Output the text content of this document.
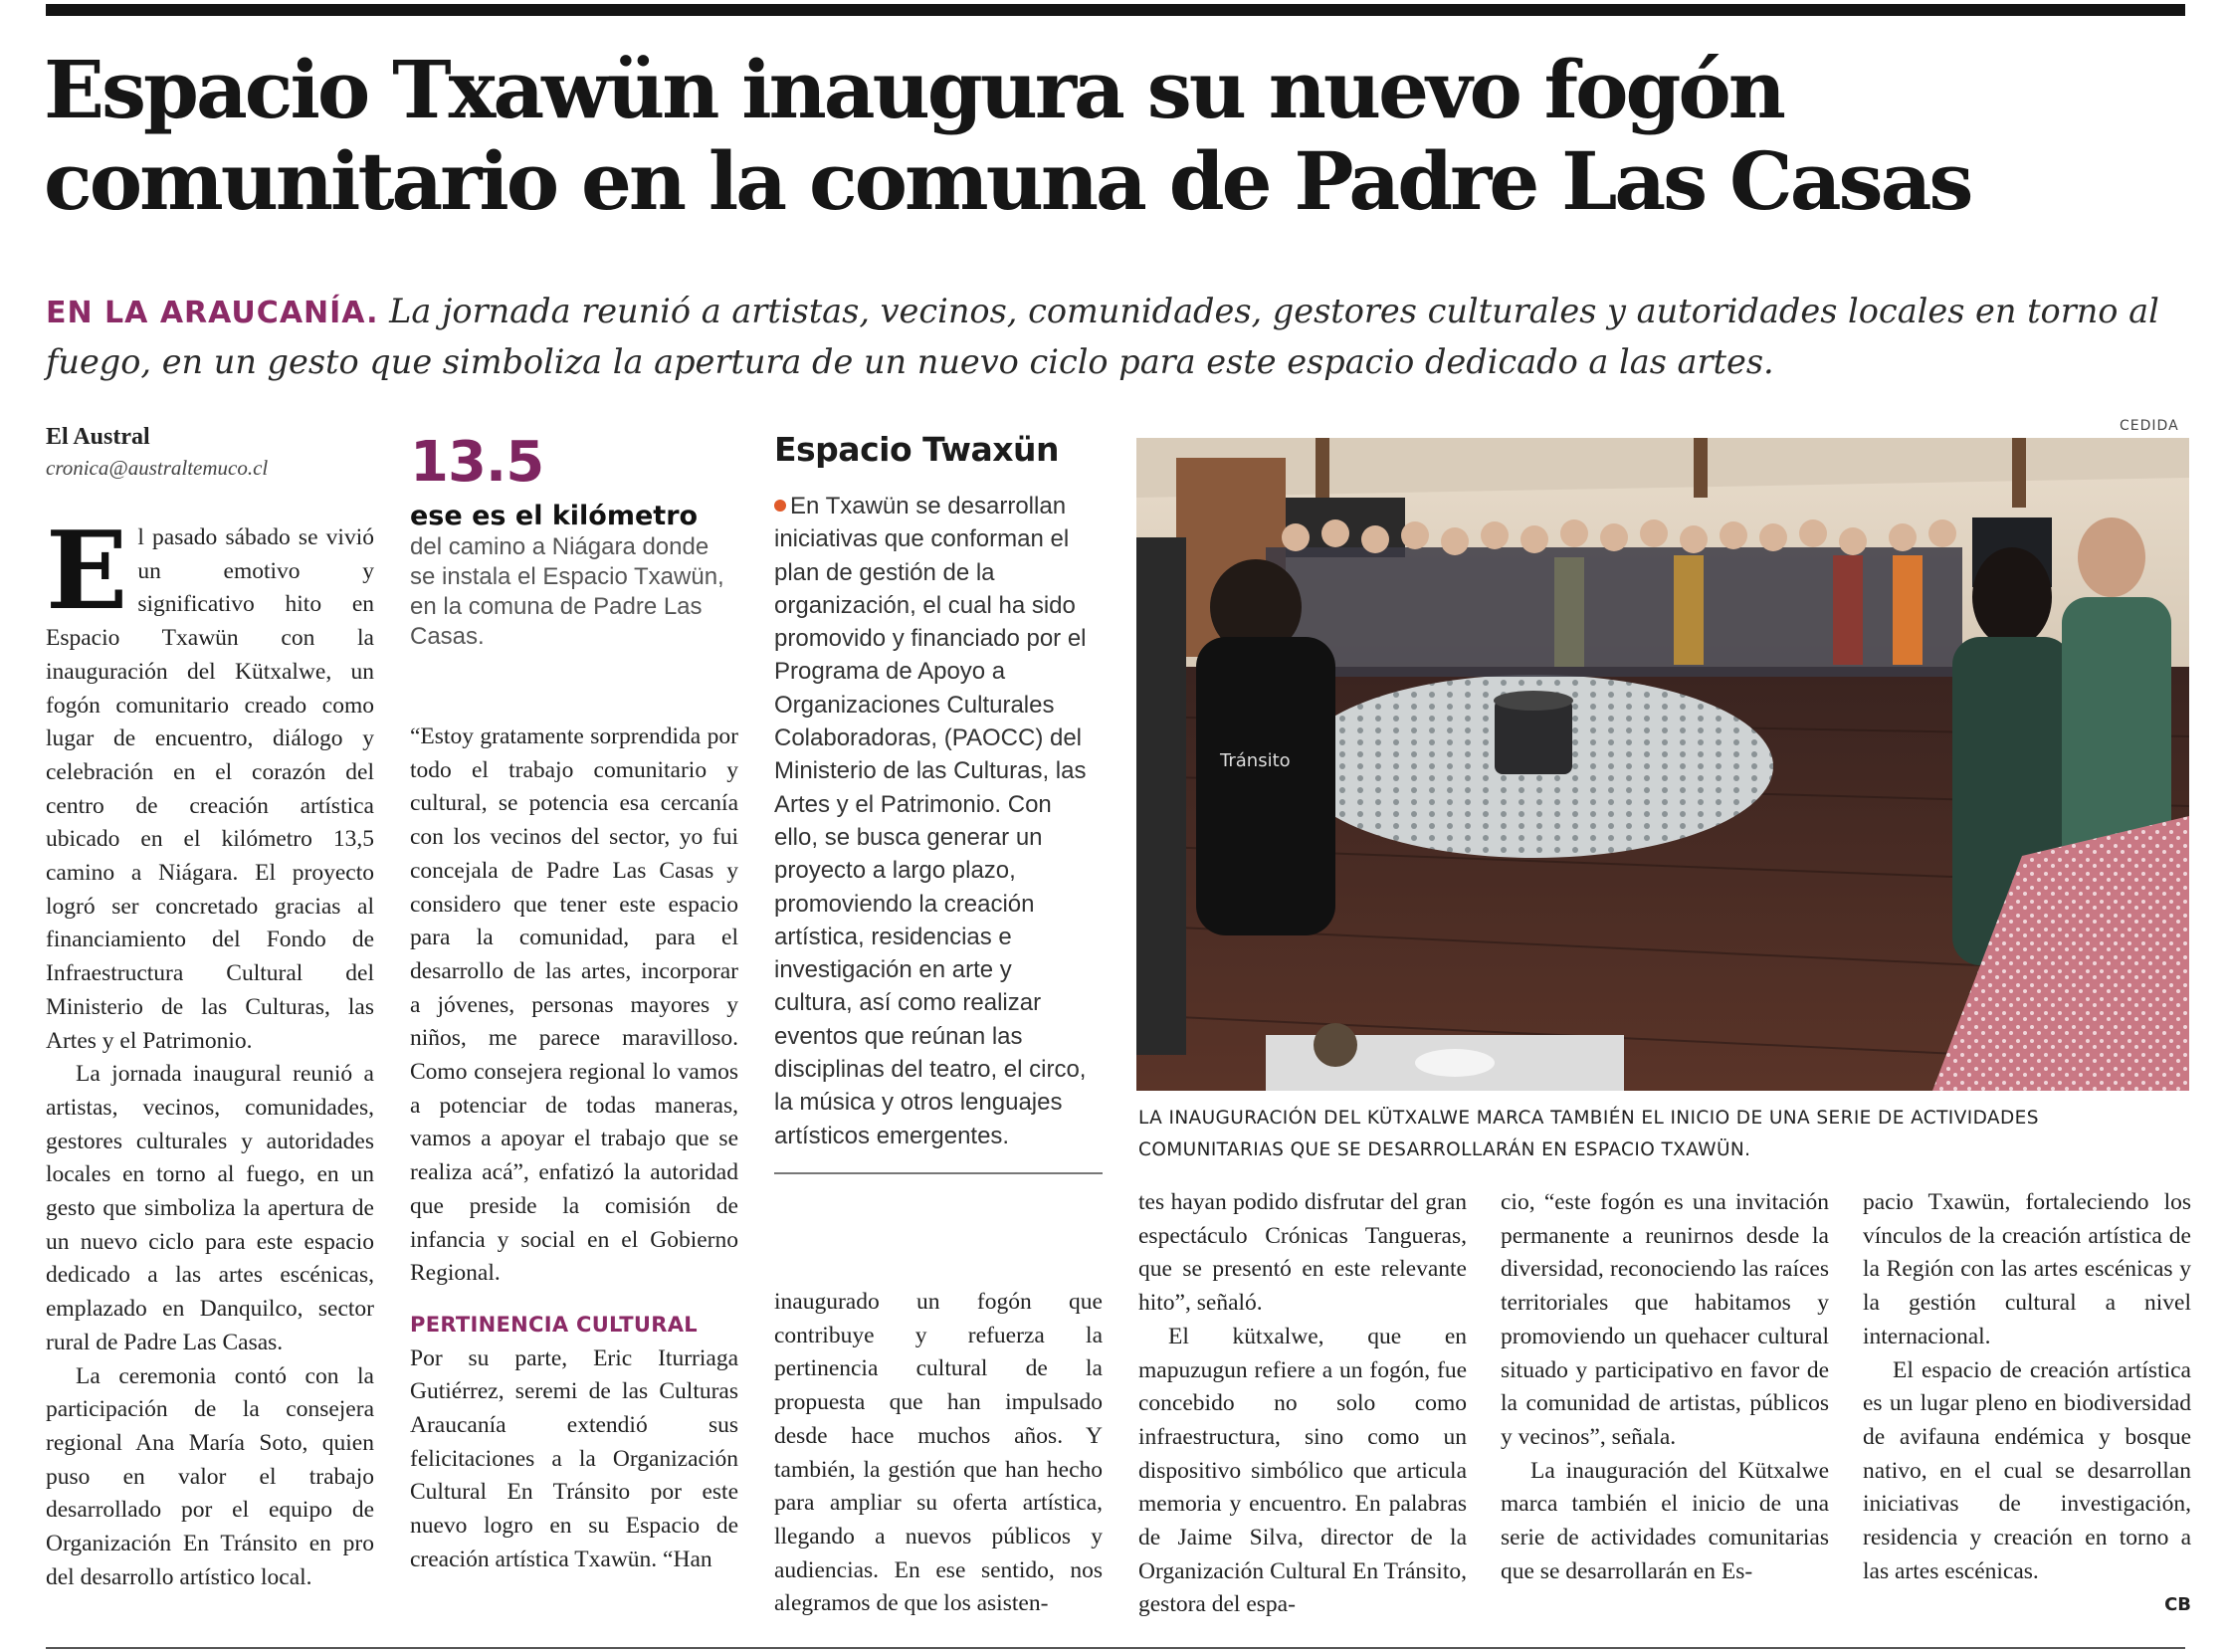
Espacio Txawün inaugura su nuevo fogón comunitario en la comuna de Padre Las Casas
EN LA ARAUCANÍA. La jornada reunió a artistas, vecinos, comunidades, gestores culturales y autoridades locales en torno al fuego, en un gesto que simboliza la apertura de un nuevo ciclo para este espacio dedicado a las artes.
El Austral
cronica@australtemuco.cl

El pasado sábado se vivió un emotivo y significativo hito en Espacio Txawün con la inauguración del Kütxalwe, un fogón comunitario creado como lugar de encuentro, diálogo y celebración en el corazón del centro de creación artística ubicado en el kilómetro 13,5 camino a Niágara. El proyecto logró ser concretado gracias al financiamiento del Fondo de Infraestructura Cultural del Ministerio de las Culturas, las Artes y el Patrimonio.

La jornada inaugural reunió a artistas, vecinos, comunidades, gestores culturales y autoridades locales en torno al fuego, en un gesto que simboliza la apertura de un nuevo ciclo para este espacio dedicado a las artes escénicas, emplazado en Danquilco, sector rural de Padre Las Casas.

La ceremonia contó con la participación de la consejera regional Ana María Soto, quien puso en valor el trabajo desarrollado por el equipo de Organización En Tránsito en pro del desarrollo artístico local.

13.5
ese es el kilómetro del camino a Niágara donde se instala el Espacio Txawün, en la comuna de Padre Las Casas.

“Estoy gratamente sorprendida por todo el trabajo comunitario y cultural, se potencia esa cercanía con los vecinos del sector, yo fui concejala de Padre Las Casas y considero que tener este espacio para la comunidad, para el desarrollo de las artes, incorporar a jóvenes, personas mayores y niños, me parece maravilloso. Como consejera regional lo vamos a potenciar de todas maneras, vamos a apoyar el trabajo que se realiza acá”, enfatizó la autoridad que preside la comisión de infancia y social en el Gobierno Regional.

PERTINENCIA CULTURAL

Por su parte, Eric Iturriaga Gutiérrez, seremi de las Culturas Araucanía extendió sus felicitaciones a la Organización Cultural En Tránsito por este nuevo logro en su Espacio de creación artística Txawün. “Han

Espacio Twaxün
En Txawün se desarrollan iniciativas que conforman el plan de gestión de la organización, el cual ha sido promovido y financiado por el Programa de Apoyo a Organizaciones Culturales Colaboradoras, (PAOCC) del Ministerio de las Culturas, las Artes y el Patrimonio. Con ello, se busca generar un proyecto a largo plazo, promoviendo la creación artística, residencias e investigación en arte y cultura, así como realizar eventos que reúnan las disciplinas del teatro, el circo, la música y otros lenguajes artísticos emergentes.

inaugurado un fogón que contribuye y refuerza la pertinencia cultural de la propuesta que han impulsado desde hace muchos años. Y también, la gestión que han hecho para ampliar su oferta artística, llegando a nuevos públicos y audiencias. En ese sentido, nos alegramos de que los asisten-

CEDIDA
Tránsito
LA INAUGURACIÓN DEL KÜTXALWE MARCA TAMBIÉN EL INICIO DE UNA SERIE DE ACTIVIDADES COMUNITARIAS QUE SE DESARROLLARÁN EN ESPACIO TXAWÜN.

tes hayan podido disfrutar del gran espectáculo Crónicas Tangueras, que se presentó en este relevante hito”, señaló.

El kütxalwe, que en mapuzugun refiere a un fogón, fue concebido no solo como infraestructura, sino como un dispositivo simbólico que articula memoria y encuentro. En palabras de Jaime Silva, director de la Organización Cultural En Tránsito, gestora del espa-

cio, “este fogón es una invitación permanente a reunirnos desde la diversidad, reconociendo las raíces territoriales que habitamos y promoviendo un quehacer cultural situado y participativo en favor de la comunidad de artistas, públicos y vecinos”, señala.

La inauguración del Kütxalwe marca también el inicio de una serie de actividades comunitarias que se desarrollarán en Es-

pacio Txawün, fortaleciendo los vínculos de la creación artística de la Región con las artes escénicas y la gestión cultural a nivel internacional.

El espacio de creación artística es un lugar pleno en biodiversidad de avifauna endémica y bosque nativo, en el cual se desarrollan iniciativas de investigación, residencia y creación en torno a las artes escénicas.

CB
